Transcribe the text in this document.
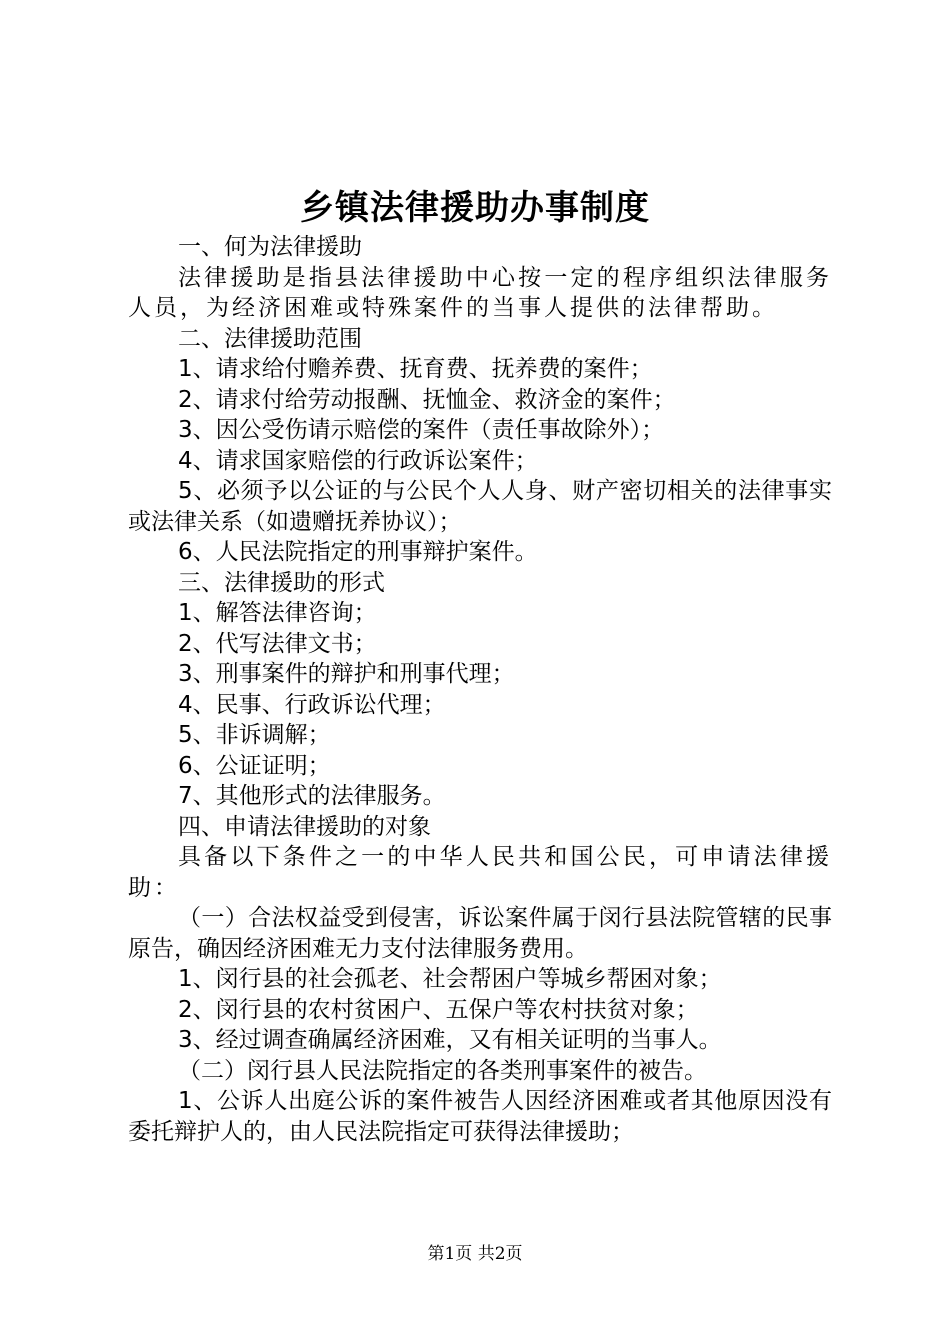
乡镇法律援助办事制度

一、何为法律援助

法律援助是指县法律援助中心按一定的程序组织法律服务人员，为经济困难或特殊案件的当事人提供的法律帮助。

二、法律援助范围

1、请求给付赡养费、抚育费、抚养费的案件；

2、请求付给劳动报酬、抚恤金、救济金的案件；

3、因公受伤请示赔偿的案件（责任事故除外）；

4、请求国家赔偿的行政诉讼案件；

5、必须予以公证的与公民个人人身、财产密切相关的法律事实或法律关系（如遗赠抚养协议）；

6、人民法院指定的刑事辩护案件。

三、法律援助的形式

1、解答法律咨询；

2、代写法律文书；

3、刑事案件的辩护和刑事代理；

4、民事、行政诉讼代理；

5、非诉调解；

6、公证证明；

7、其他形式的法律服务。

四、申请法律援助的对象

具备以下条件之一的中华人民共和国公民，可申请法律援助：

（一）合法权益受到侵害，诉讼案件属于闵行县法院管辖的民事原告，确因经济困难无力支付法律服务费用。

1、闵行县的社会孤老、社会帮困户等城乡帮困对象；

2、闵行县的农村贫困户、五保户等农村扶贫对象；

3、经过调查确属经济困难，又有相关证明的当事人。

（二）闵行县人民法院指定的各类刑事案件的被告。

1、公诉人出庭公诉的案件被告人因经济困难或者其他原因没有委托辩护人的，由人民法院指定可获得法律援助；

第1页 共2页
